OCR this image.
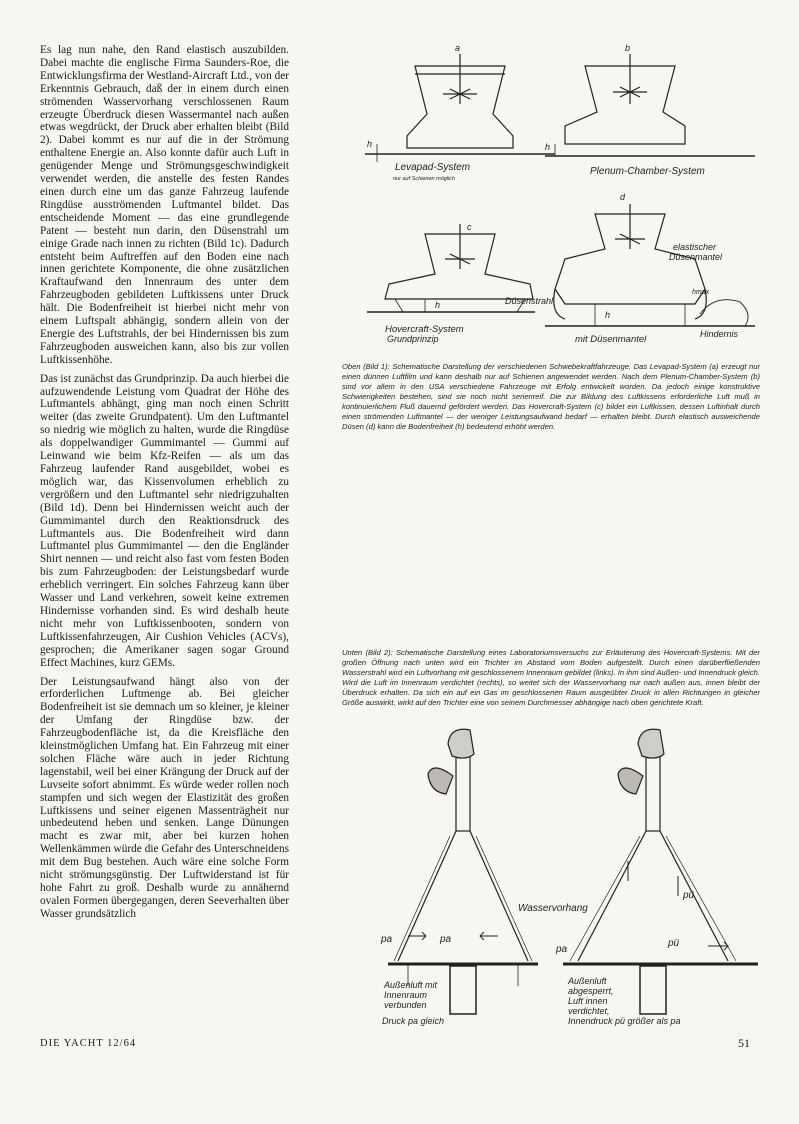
Es lag nun nahe, den Rand elastisch auszubilden. Dabei machte die englische Firma Saunders-Roe, die Entwicklungsfirma der Westland-Aircraft Ltd., von der Erkenntnis Gebrauch, daß der in einem durch einen strömenden Wasservorhang verschlossenen Raum erzeugte Überdruck diesen Wassermantel nach außen etwas wegdrückt, der Druck aber erhalten bleibt (Bild 2). Dabei kommt es nur auf die in der Strömung enthaltene Energie an. Also konnte dafür auch Luft in genügender Menge und Strömungsgeschwindigkeit verwendet werden, die anstelle des festen Randes einen durch eine um das ganze Fahrzeug laufende Ringdüse ausströmenden Luftmantel bildet. Das entscheidende Moment — das eine grundlegende Patent — besteht nun darin, den Düsenstrahl um einige Grade nach innen zu richten (Bild 1c). Dadurch entsteht beim Auftreffen auf den Boden eine nach innen gerichtete Komponente, die ohne zusätzlichen Kraftaufwand den Innenraum des unter dem Fahrzeugboden gebildeten Luftkissens unter Druck hält. Die Bodenfreiheit ist hierbei nicht mehr von einem Luftspalt abhängig, sondern allein von der Energie des Luftstrahls, der bei Hindernissen bis zum Fahrzeugboden ausweichen kann, also bis zur vollen Luftkissenhöhe.

Das ist zunächst das Grundprinzip. Da auch hierbei die aufzuwendende Leistung vom Quadrat der Höhe des Luftmantels abhängt, ging man noch einen Schritt weiter (das zweite Grundpatent). Um den Luftmantel so niedrig wie möglich zu halten, wurde die Ringdüse als doppelwandiger Gummimantel — Gummi auf Leinwand wie beim Kfz-Reifen — als um das Fahrzeug laufender Rand ausgebildet, wobei es möglich war, das Kissenvolumen erheblich zu vergrößern und den Luftmantel sehr niedrigzuhalten (Bild 1d). Denn bei Hindernissen weicht auch der Gummimantel durch den Reaktionsdruck des Luftmantels aus. Die Bodenfreiheit wird dann Luftmantel plus Gummimantel — den die Engländer Shirt nennen — und reicht also fast vom festen Boden bis zum Fahrzeugboden: der Leistungsbedarf wurde erheblich verringert. Ein solches Fahrzeug kann über Wasser und Land verkehren, soweit keine extremen Hindernisse vorhanden sind. Es wird deshalb heute nicht mehr von Luftkissenbooten, sondern von Luftkissenfahrzeugen, Air Cushion Vehicles (ACVs), gesprochen; die Amerikaner sagen sogar Ground Effect Machines, kurz GEMs.

Der Leistungsaufwand hängt also von der erforderlichen Luftmenge ab. Bei gleicher Bodenfreiheit ist sie demnach um so kleiner, je kleiner der Umfang der Ringdüse bzw. der Fahrzeugbodenfläche ist, da die Kreisfläche den kleinstmöglichen Umfang hat. Ein Fahrzeug mit einer solchen Fläche wäre auch in jeder Richtung lagenstabil, weil bei einer Krängung der Druck auf der Luvseite sofort abnimmt. Es würde weder rollen noch stampfen und sich wegen der Elastizität des großen Luftkissens und seiner eigenen Massenträgheit nur unbedeutend heben und senken. Lange Dünungen macht es zwar mit, aber bei kurzen hohen Wellenkämmen würde die Gefahr des Unterschneidens mit dem Bug bestehen. Auch wäre eine solche Form nicht strömungsgünstig. Der Luftwiderstand ist für hohe Fahrt zu groß. Deshalb wurde zu annähernd ovalen Formen übergegangen, deren Seeverhalten über Wasser grundsätzlich

a
h
Levapad-System
nur auf Schienen möglich
b
h
Plenum-Chamber-System
c
h	Düsenstrahl
Hovercraft-System
Grundprinzip
d
h
hmax
elastischer
Düsenmantel
Hindernis
mit Düsenmantel
Oben (Bild 1): Schematische Darstellung der verschiedenen Schwebekraftfahrzeuge. Das Levapad-System (a) erzeugt nur einen dünnen Luftfilm und kann deshalb nur auf Schienen angewendet werden. Nach dem Plenum-Chamber-System (b) sind vor allem in den USA verschiedene Fahrzeuge mit Erfolg entwickelt worden. Da jedoch einige konstruktive Schwierigkeiten bestehen, sind sie noch nicht serienreif. Die zur Bildung des Luftkissens erforderliche Luft muß in kontinuierlichem Fluß dauernd gefördert werden. Das Hovercraft-System (c) bildet ein Luftkissen, dessen Luftinhalt durch einen strömenden Luftmantel — der weniger Leistungsaufwand bedarf — erhalten bleibt. Durch elastisch ausweichende Düsen (d) kann die Bodenfreiheit (h) bedeutend erhöht werden.
Unten (Bild 2): Schematische Darstellung eines Laboratoriumsversuchs zur Erläuterung des Hovercraft-Systems. Mit der großen Öffnung nach unten wird ein Trichter im Abstand vom Boden aufgestellt. Durch einen darüberfließenden Wasserstrahl wird ein Luftvorhang mit geschlossenem Innenraum gebildet (links). In ihm sind Außen- und Innendruck gleich. Wird die Luft im Innenraum verdichtet (rechts), so weitet sich der Wasservorhang nur nach außen aus, innen bleibt der Überdruck erhalten. Da sich ein auf ein Gas im geschlossenen Raum ausgeübter Druck in allen Richtungen in gleicher Größe auswirkt, wirkt auf den Trichter eine von seinem Durchmesser abhängige nach oben gerichtete Kraft.
Wasservorhang
pa	pa
pa
pü
pü
Außenluft mit
Innenraum
verbunden
Druck pa gleich
Außenluft
abgesperrt,
Luft innen
verdichtet,
Innendruck pü größer als pa
DIE YACHT 12/64	51
